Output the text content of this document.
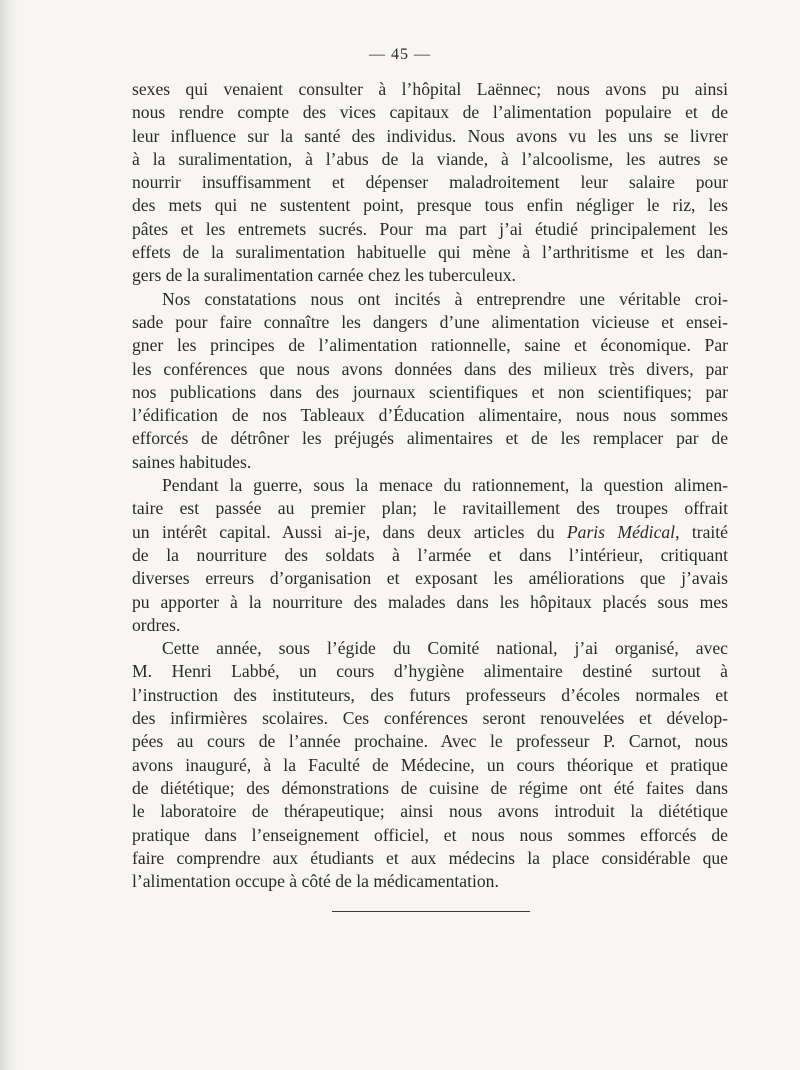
— 45 —
sexes qui venaient consulter à l’hôpital Laënnec; nous avons pu ainsi
nous rendre compte des vices capitaux de l’alimentation populaire et de
leur influence sur la santé des individus. Nous avons vu les uns se livrer
à la suralimentation, à l’abus de la viande, à l’alcoolisme, les autres se
nourrir insuffisamment et dépenser maladroitement leur salaire pour
des mets qui ne sustentent point, presque tous enfin négliger le riz, les
pâtes et les entremets sucrés. Pour ma part j’ai étudié principalement les
effets de la suralimentation habituelle qui mène à l’arthritisme et les dan-
gers de la suralimentation carnée chez les tuberculeux.
Nos constatations nous ont incités à entreprendre une véritable croi-
sade pour faire connaître les dangers d’une alimentation vicieuse et ensei-
gner les principes de l’alimentation rationnelle, saine et économique. Par
les conférences que nous avons données dans des milieux très divers, par
nos publications dans des journaux scientifiques et non scientifiques; par
l’édification de nos Tableaux d’Éducation alimentaire, nous nous sommes
efforcés de détrôner les préjugés alimentaires et de les remplacer par de
saines habitudes.
Pendant la guerre, sous la menace du rationnement, la question alimen-
taire est passée au premier plan; le ravitaillement des troupes offrait
un intérêt capital. Aussi ai-je, dans deux articles du Paris Médical, traité
de la nourriture des soldats à l’armée et dans l’intérieur, critiquant
diverses erreurs d’organisation et exposant les améliorations que j’avais
pu apporter à la nourriture des malades dans les hôpitaux placés sous mes
ordres.
Cette année, sous l’égide du Comité national, j’ai organisé, avec
M. Henri Labbé, un cours d’hygiène alimentaire destiné surtout à
l’instruction des instituteurs, des futurs professeurs d’écoles normales et
des infirmières scolaires. Ces conférences seront renouvelées et dévelop-
pées au cours de l’année prochaine. Avec le professeur P. Carnot, nous
avons inauguré, à la Faculté de Médecine, un cours théorique et pratique
de diététique; des démonstrations de cuisine de régime ont été faites dans
le laboratoire de thérapeutique; ainsi nous avons introduit la diététique
pratique dans l’enseignement officiel, et nous nous sommes efforcés de
faire comprendre aux étudiants et aux médecins la place considérable que
l’alimentation occupe à côté de la médicamentation.
